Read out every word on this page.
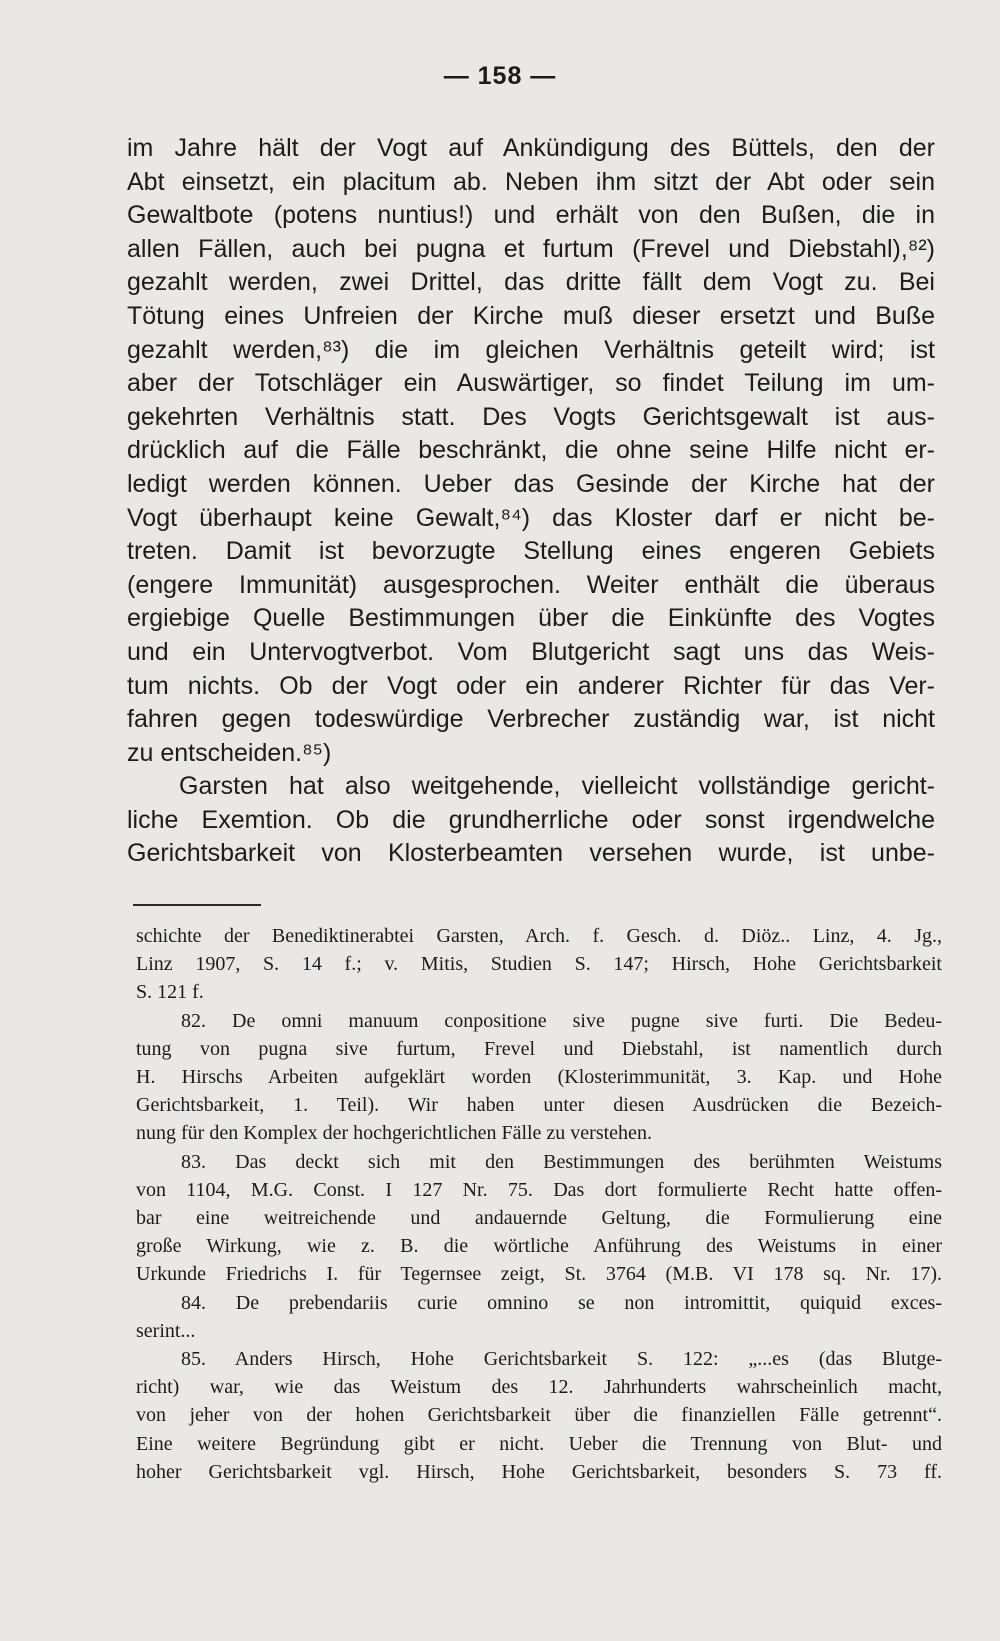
— 158 —
im Jahre hält der Vogt auf Ankündigung des Büttels, den der
Abt einsetzt, ein placitum ab. Neben ihm sitzt der Abt oder sein
Gewaltbote (potens nuntius!) und erhält von den Bußen, die in
allen Fällen, auch bei pugna et furtum (Frevel und Diebstahl),⁸²)
gezahlt werden, zwei Drittel, das dritte fällt dem Vogt zu. Bei
Tötung eines Unfreien der Kirche muß dieser ersetzt und Buße
gezahlt werden,⁸³) die im gleichen Verhältnis geteilt wird; ist
aber der Totschläger ein Auswärtiger, so findet Teilung im um-
gekehrten Verhältnis statt. Des Vogts Gerichtsgewalt ist aus-
drücklich auf die Fälle beschränkt, die ohne seine Hilfe nicht er-
ledigt werden können. Ueber das Gesinde der Kirche hat der
Vogt überhaupt keine Gewalt,⁸⁴) das Kloster darf er nicht be-
treten. Damit ist bevorzugte Stellung eines engeren Gebiets
(engere Immunität) ausgesprochen. Weiter enthält die überaus
ergiebige Quelle Bestimmungen über die Einkünfte des Vogtes
und ein Untervogtverbot. Vom Blutgericht sagt uns das Weis-
tum nichts. Ob der Vogt oder ein anderer Richter für das Ver-
fahren gegen todeswürdige Verbrecher zuständig war, ist nicht
zu entscheiden.⁸⁵)
Garsten hat also weitgehende, vielleicht vollständige gericht-
liche Exemtion. Ob die grundherrliche oder sonst irgendwelche
Gerichtsbarkeit von Klosterbeamten versehen wurde, ist unbe-
schichte der Benediktinerabtei Garsten, Arch. f. Gesch. d. Diöz.. Linz, 4. Jg.,
Linz 1907, S. 14 f.; v. Mitis, Studien S. 147; Hirsch, Hohe Gerichtsbarkeit
S. 121 f.
82. De omni manuum conpositione sive pugne sive furti. Die Bedeu-
tung von pugna sive furtum, Frevel und Diebstahl, ist namentlich durch
H. Hirschs Arbeiten aufgeklärt worden (Klosterimmunität, 3. Kap. und Hohe
Gerichtsbarkeit, 1. Teil). Wir haben unter diesen Ausdrücken die Bezeich-
nung für den Komplex der hochgerichtlichen Fälle zu verstehen.
83. Das deckt sich mit den Bestimmungen des berühmten Weistums
von 1104, M.G. Const. I 127 Nr. 75. Das dort formulierte Recht hatte offen-
bar eine weitreichende und andauernde Geltung, die Formulierung eine
große Wirkung, wie z. B. die wörtliche Anführung des Weistums in einer
Urkunde Friedrichs I. für Tegernsee zeigt, St. 3764 (M.B. VI 178 sq. Nr. 17).
84. De prebendariis curie omnino se non intromittit, quiquid exces-
serint...
85. Anders Hirsch, Hohe Gerichtsbarkeit S. 122: „...es (das Blutge-
richt) war, wie das Weistum des 12. Jahrhunderts wahrscheinlich macht,
von jeher von der hohen Gerichtsbarkeit über die finanziellen Fälle getrennt“.
Eine weitere Begründung gibt er nicht. Ueber die Trennung von Blut- und
hoher Gerichtsbarkeit vgl. Hirsch, Hohe Gerichtsbarkeit, besonders S. 73 ff.
